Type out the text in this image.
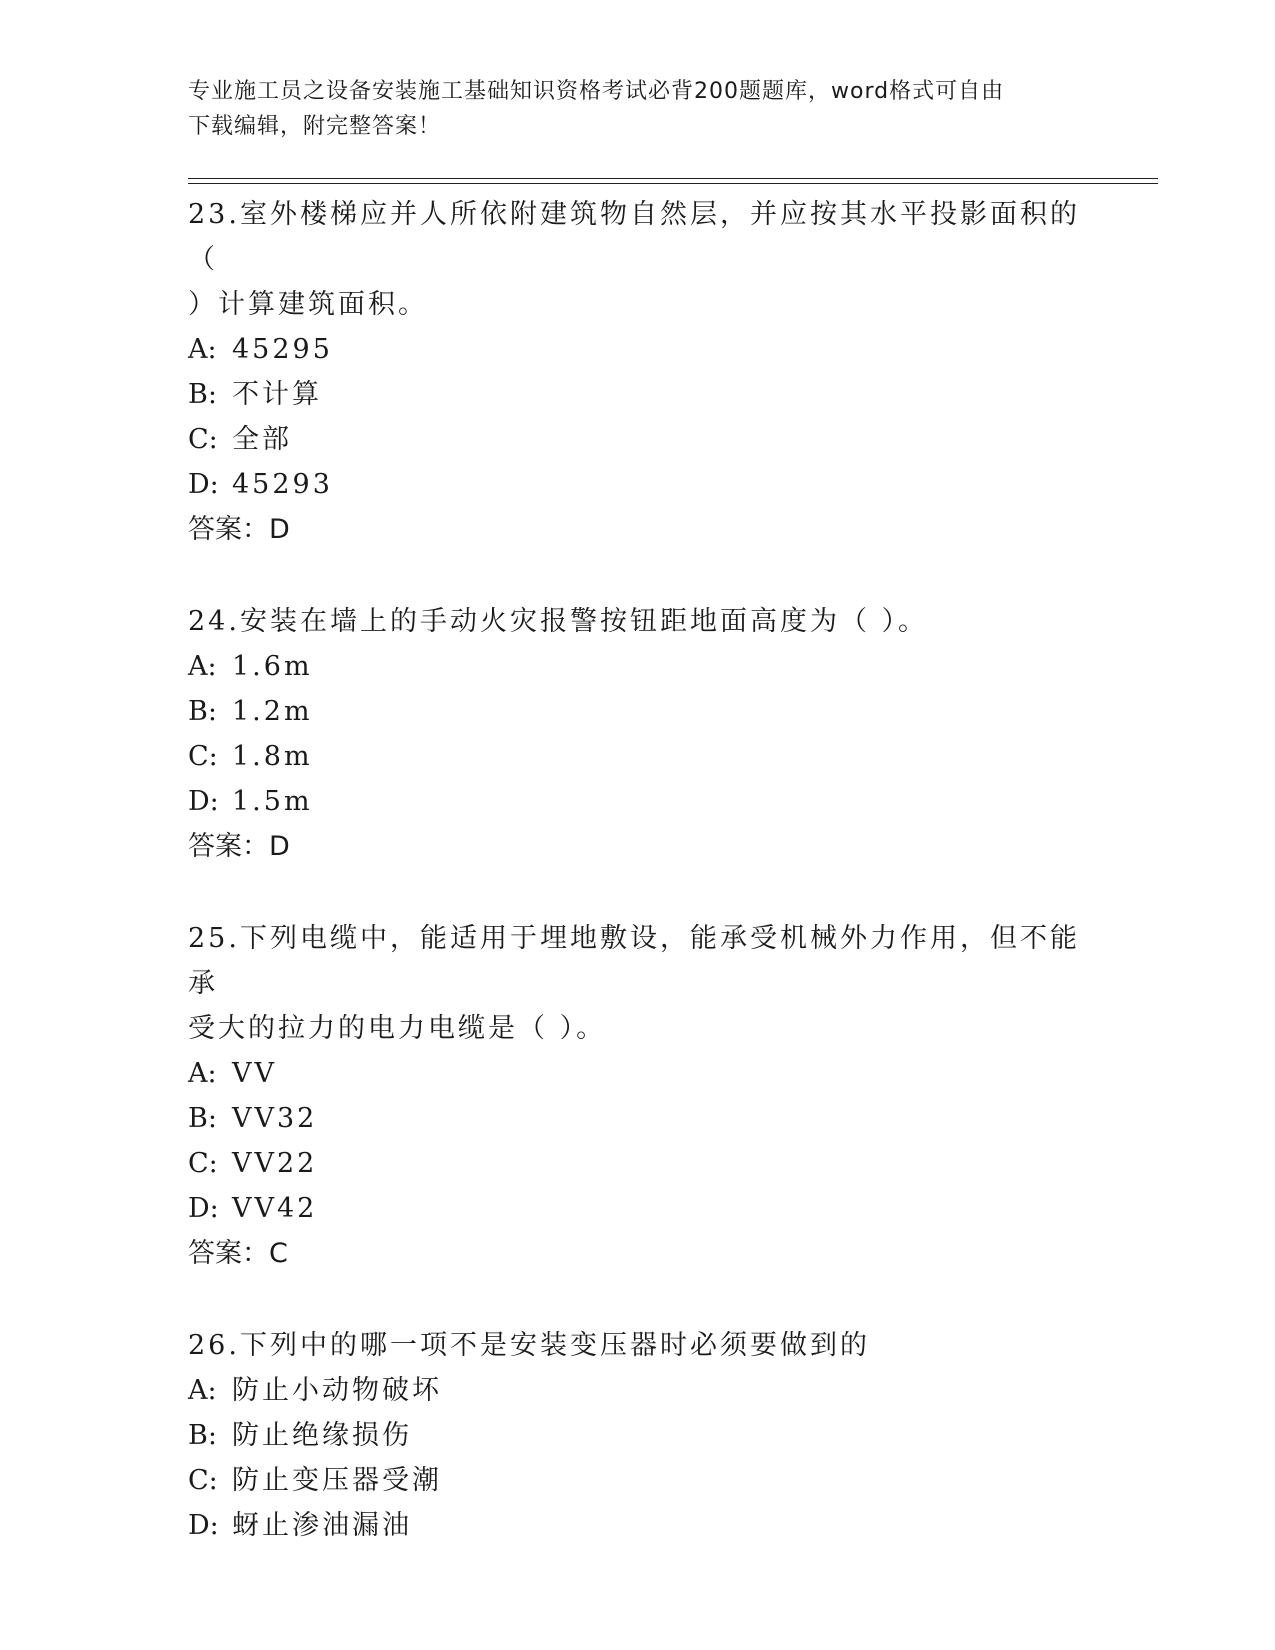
专业施工员之设备安装施工基础知识资格考试必背200题题库，word格式可自由
下载编辑，附完整答案！

23.室外楼梯应并人所依附建筑物自然层，并应按其水平投影面积的（

）计算建筑面积。

A: 45295

B: 不计算

C: 全部

D: 45293

答案：D

24.安装在墙上的手动火灾报警按钮距地面高度为（ ）。

A: 1.6m

B: 1.2m

C: 1.8m

D: 1.5m

答案：D

25.下列电缆中，能适用于埋地敷设，能承受机械外力作用，但不能承

受大的拉力的电力电缆是（ ）。

A: VV

B: VV32

C: VV22

D: VV42

答案：C

26.下列中的哪一项不是安装变压器时必须要做到的

A: 防止小动物破坏

B: 防止绝缘损伤

C: 防止变压器受潮

D: 蚜止渗油漏油
